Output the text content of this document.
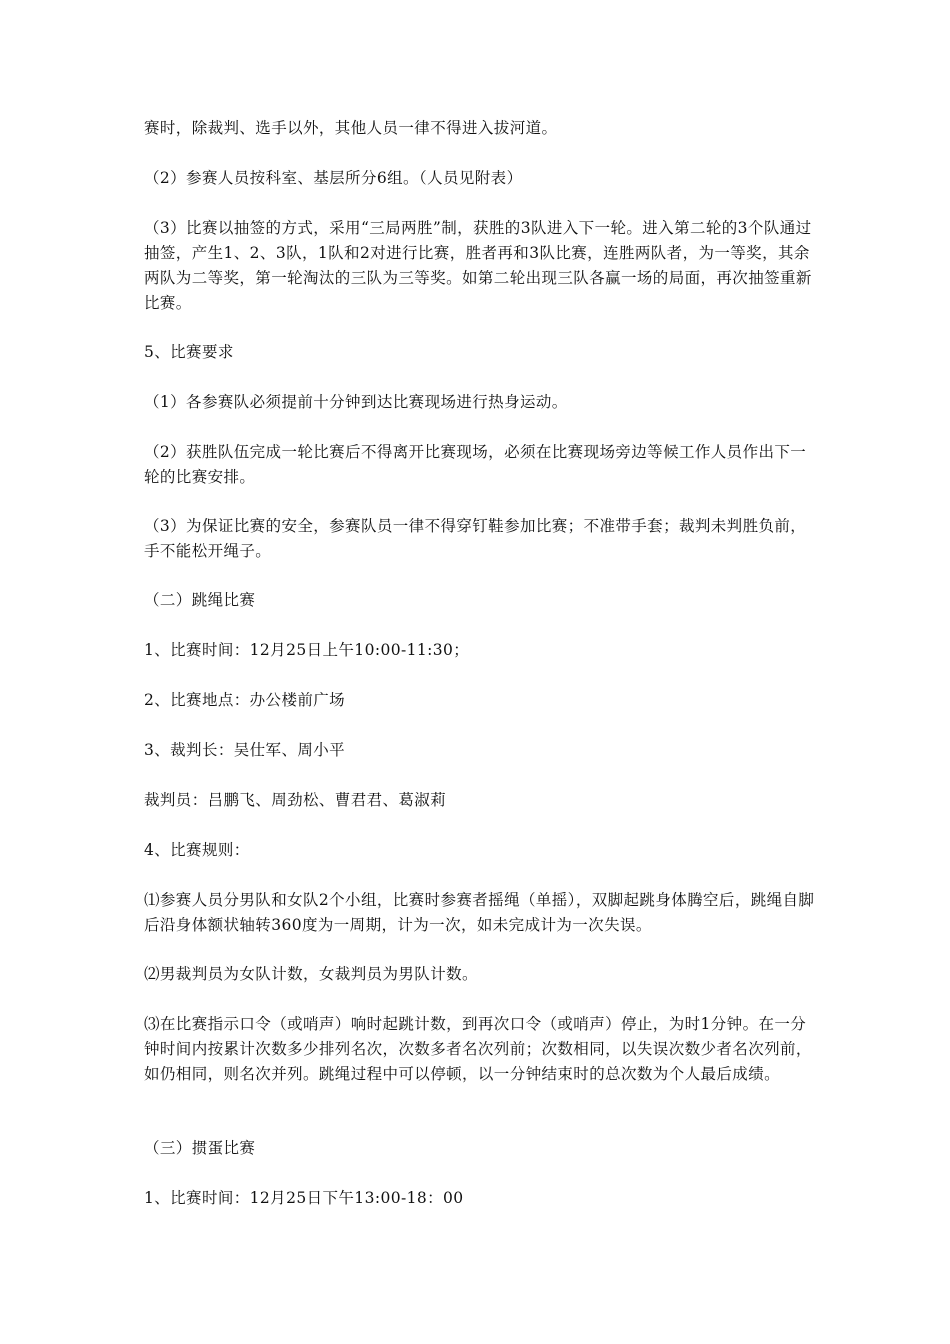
赛时，除裁判、选手以外，其他人员一律不得进入拔河道。

（2）参赛人员按科室、基层所分6组。（人员见附表）

（3）比赛以抽签的方式，采用“三局两胜”制，获胜的3队进入下一轮。进入第二轮的3个队通过抽签，产生1、2、3队，1队和2对进行比赛，胜者再和3队比赛，连胜两队者，为一等奖，其余两队为二等奖，第一轮淘汰的三队为三等奖。如第二轮出现三队各赢一场的局面，再次抽签重新比赛。

5、比赛要求

（1）各参赛队必须提前十分钟到达比赛现场进行热身运动。

（2）获胜队伍完成一轮比赛后不得离开比赛现场，必须在比赛现场旁边等候工作人员作出下一轮的比赛安排。

（3）为保证比赛的安全，参赛队员一律不得穿钉鞋参加比赛；不准带手套；裁判未判胜负前，手不能松开绳子。

（二）跳绳比赛

1、比赛时间：12月25日上午10:00-11:30；

2、比赛地点：办公楼前广场

3、裁判长：吴仕军、周小平

裁判员：吕鹏飞、周劲松、曹君君、葛淑莉

4、比赛规则：

⑴参赛人员分男队和女队2个小组，比赛时参赛者摇绳（单摇），双脚起跳身体腾空后，跳绳自脚后沿身体额状轴转360度为一周期，计为一次，如未完成计为一次失误。

⑵男裁判员为女队计数，女裁判员为男队计数。

⑶在比赛指示口令（或哨声）响时起跳计数，到再次口令（或哨声）停止，为时1分钟。在一分钟时间内按累计次数多少排列名次，次数多者名次列前；次数相同，以失误次数少者名次列前，如仍相同，则名次并列。跳绳过程中可以停顿，以一分钟结束时的总次数为个人最后成绩。

（三）掼蛋比赛

1、比赛时间：12月25日下午13:00-18：00
